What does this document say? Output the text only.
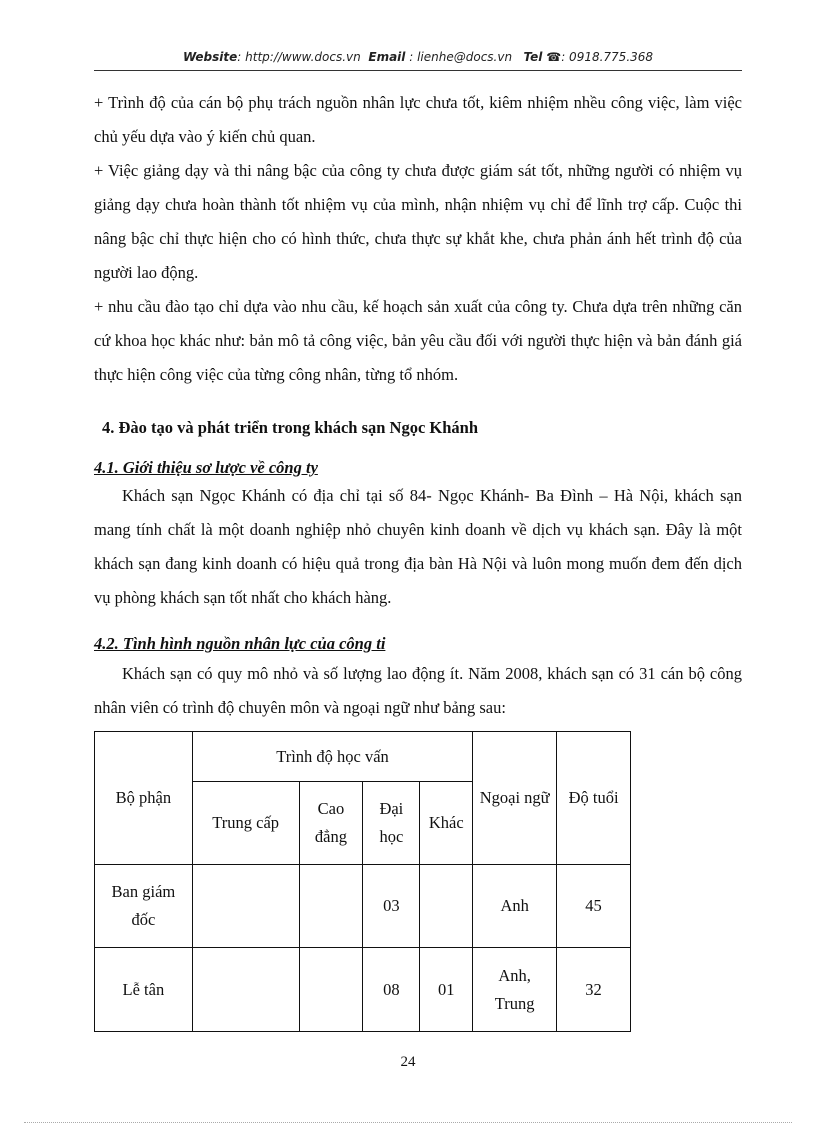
Website: http://www.docs.vn Email : lienhe@docs.vn Tel ☎: 0918.775.368

+ Trình độ của cán bộ phụ trách nguồn nhân lực chưa tốt, kiêm nhiệm nhều công việc, làm việc chủ yếu dựa vào ý kiến chủ quan.

+ Việc giảng dạy và thi nâng bậc của công ty chưa được giám sát tốt, những người có nhiệm vụ giảng dạy chưa hoàn thành tốt nhiệm vụ của mình, nhận nhiệm vụ chỉ để lĩnh trợ cấp. Cuộc thi nâng bậc chỉ thực hiện cho có hình thức, chưa thực sự khắt khe, chưa phản ánh hết trình độ của người lao động.

+ nhu cầu đào tạo chỉ dựa vào nhu cầu, kế hoạch sản xuất của công ty. Chưa dựa trên những căn cứ khoa học khác như: bản mô tả công việc, bản yêu cầu đối với người thực hiện và bản đánh giá thực hiện công việc của từng công nhân, từng tổ nhóm.

4. Đào tạo và phát triển trong khách sạn Ngọc Khánh
4.1. Giới thiệu sơ lược về công ty

Khách sạn Ngọc Khánh có địa chỉ tại số 84- Ngọc Khánh- Ba Đình – Hà Nội, khách sạn mang tính chất là một doanh nghiệp nhỏ chuyên kinh doanh về dịch vụ khách sạn. Đây là một khách sạn đang kinh doanh có hiệu quả trong địa bàn Hà Nội và luôn mong muốn đem đến dịch vụ phòng khách sạn tốt nhất cho khách hàng.

4.2. Tình hình nguồn nhân lực của công ti

Khách sạn có quy mô nhỏ và số lượng lao động ít. Năm 2008, khách sạn có 31 cán bộ công nhân viên có trình độ chuyên môn và ngoại ngữ như bảng sau:

Bộ phận	Trình độ học vấn				Ngoại ngữ	Độ tuổi
	Trung cấp	Cao đẳng	Đại học	Khác		
Ban giám đốc			03		Anh	45
Lễ tân			08	01	Anh, Trung	32
24
